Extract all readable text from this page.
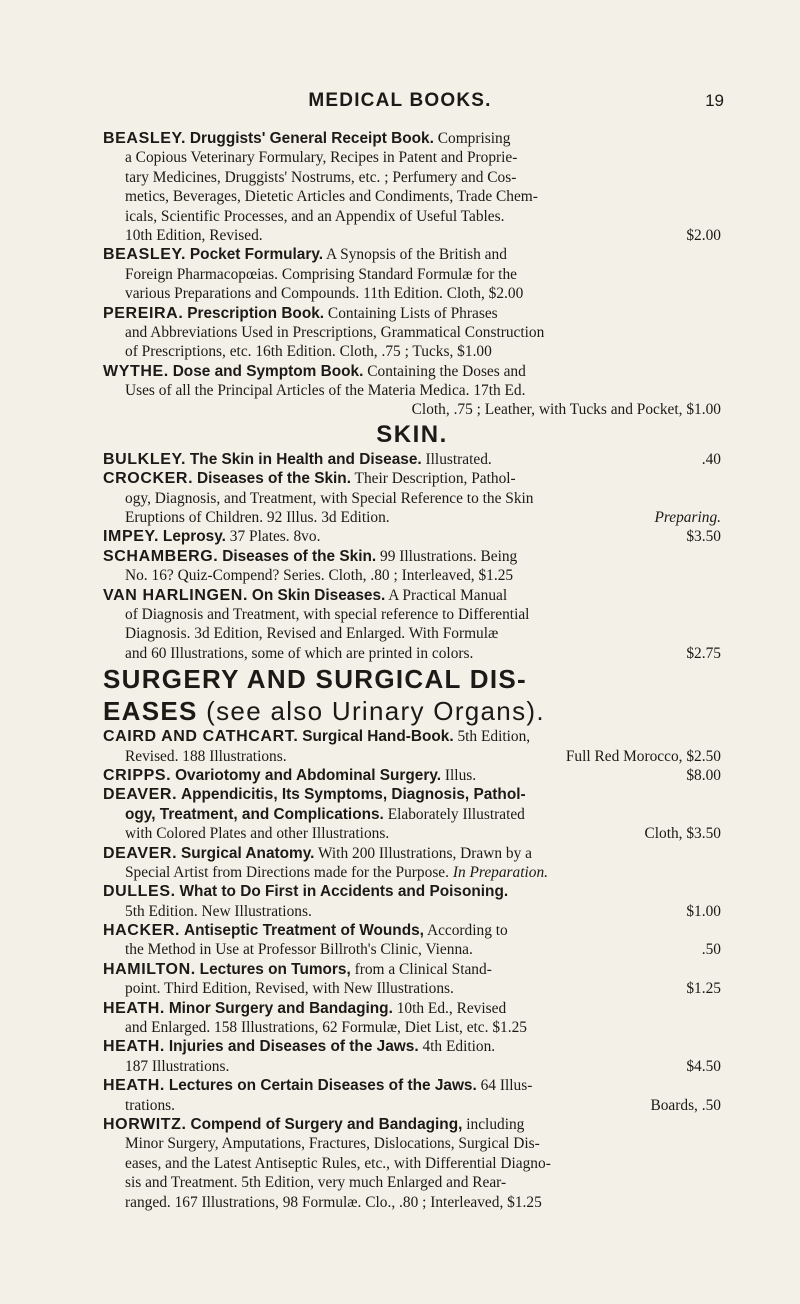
MEDICAL BOOKS.	19
BEASLEY. Druggists' General Receipt Book. Comprising
a Copious Veterinary Formulary, Recipes in Patent and Proprie-
tary Medicines, Druggists' Nostrums, etc. ; Perfumery and Cos-
metics, Beverages, Dietetic Articles and Condiments, Trade Chem-
icals, Scientific Processes, and an Appendix of Useful Tables.
10th Edition, Revised.	$2.00
BEASLEY. Pocket Formulary. A Synopsis of the British and
Foreign Pharmacopœias. Comprising Standard Formulæ for the
various Preparations and Compounds. 11th Edition. Cloth, $2.00
PEREIRA. Prescription Book. Containing Lists of Phrases
and Abbreviations Used in Prescriptions, Grammatical Construction
of Prescriptions, etc. 16th Edition. Cloth, .75 ; Tucks, $1.00
WYTHE. Dose and Symptom Book. Containing the Doses and
Uses of all the Principal Articles of the Materia Medica. 17th Ed.
Cloth, .75 ; Leather, with Tucks and Pocket, $1.00
SKIN.
BULKLEY. The Skin in Health and Disease. Illustrated.	.40
CROCKER. Diseases of the Skin. Their Description, Pathol-
ogy, Diagnosis, and Treatment, with Special Reference to the Skin
Eruptions of Children. 92 Illus. 3d Edition.	Preparing.
IMPEY. Leprosy. 37 Plates. 8vo.	$3.50
SCHAMBERG. Diseases of the Skin. 99 Illustrations. Being
No. 16? Quiz-Compend? Series. Cloth, .80 ; Interleaved, $1.25
VAN HARLINGEN. On Skin Diseases. A Practical Manual
of Diagnosis and Treatment, with special reference to Differential
Diagnosis. 3d Edition, Revised and Enlarged. With Formulæ
and 60 Illustrations, some of which are printed in colors.	$2.75
SURGERY AND SURGICAL DIS-
EASES (see also Urinary Organs).
CAIRD AND CATHCART. Surgical Hand-Book. 5th Edition,
Revised. 188 Illustrations.	Full Red Morocco, $2.50
CRIPPS. Ovariotomy and Abdominal Surgery. Illus.	$8.00
DEAVER. Appendicitis, Its Symptoms, Diagnosis, Pathol-
ogy, Treatment, and Complications. Elaborately Illustrated
with Colored Plates and other Illustrations.	Cloth, $3.50
DEAVER. Surgical Anatomy. With 200 Illustrations, Drawn by a
Special Artist from Directions made for the Purpose. In Preparation.
DULLES. What to Do First in Accidents and Poisoning.
5th Edition. New Illustrations.	$1.00
HACKER. Antiseptic Treatment of Wounds, According to
the Method in Use at Professor Billroth's Clinic, Vienna.	.50
HAMILTON. Lectures on Tumors, from a Clinical Stand-
point. Third Edition, Revised, with New Illustrations.	$1.25
HEATH. Minor Surgery and Bandaging. 10th Ed., Revised
and Enlarged. 158 Illustrations, 62 Formulæ, Diet List, etc. $1.25
HEATH. Injuries and Diseases of the Jaws. 4th Edition.
187 Illustrations.	$4.50
HEATH. Lectures on Certain Diseases of the Jaws. 64 Illus-
trations.	Boards, .50
HORWITZ. Compend of Surgery and Bandaging, including
Minor Surgery, Amputations, Fractures, Dislocations, Surgical Dis-
eases, and the Latest Antiseptic Rules, etc., with Differential Diagno-
sis and Treatment. 5th Edition, very much Enlarged and Rear-
ranged. 167 Illustrations, 98 Formulæ. Clo., .80 ; Interleaved, $1.25
